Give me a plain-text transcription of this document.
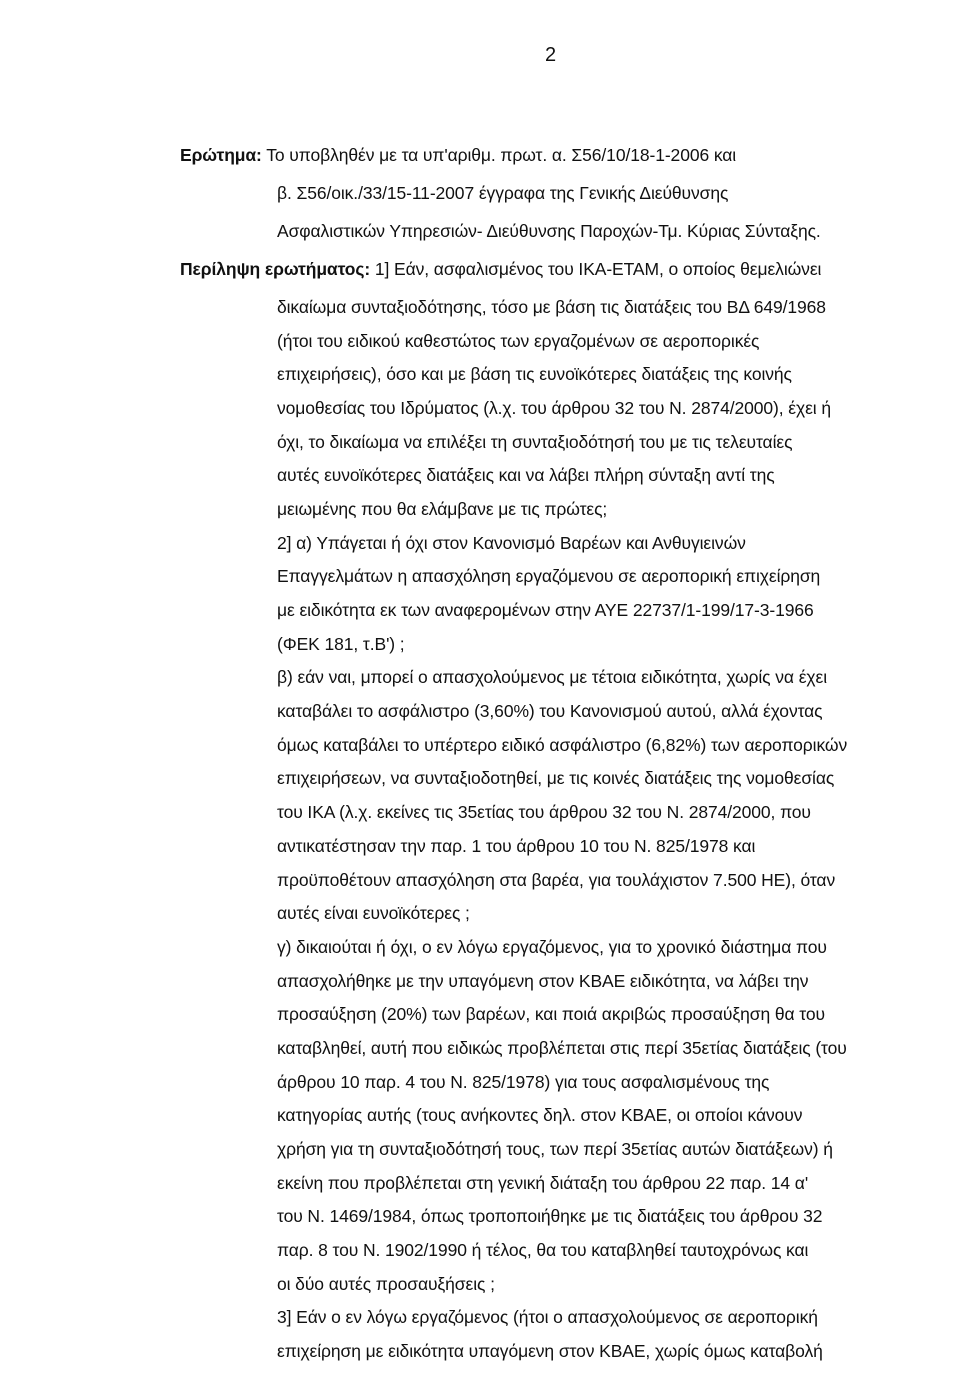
2
Ερώτημα: Το υποβληθέν με τα υπ'αριθμ. πρωτ. α. Σ56/10/18-1-2006 και
β. Σ56/οικ./33/15-11-2007 έγγραφα της Γενικής Διεύθυνσης
Ασφαλιστικών Υπηρεσιών- Διεύθυνσης Παροχών-Τμ. Κύριας Σύνταξης.
Περίληψη ερωτήματος: 1] Εάν, ασφαλισμένος του ΙΚΑ-ΕΤΑΜ, ο οποίος θεμελιώνει
δικαίωμα συνταξιοδότησης, τόσο με βάση τις διατάξεις του ΒΔ 649/1968
(ήτοι του ειδικού καθεστώτος των εργαζομένων σε αεροπορικές
επιχειρήσεις), όσο και με βάση τις ευνοϊκότερες διατάξεις της κοινής
νομοθεσίας του Ιδρύματος (λ.χ. του άρθρου 32 του Ν. 2874/2000), έχει ή
όχι, το δικαίωμα να επιλέξει τη συνταξιοδότησή του με τις τελευταίες
αυτές ευνοϊκότερες διατάξεις και να λάβει πλήρη σύνταξη αντί της
μειωμένης που θα ελάμβανε με τις πρώτες;
2] α) Υπάγεται ή όχι στον Κανονισμό Βαρέων και Ανθυγιεινών
Επαγγελμάτων η απασχόληση εργαζόμενου σε αεροπορική επιχείρηση
με ειδικότητα εκ των αναφερομένων στην ΑΥΕ 22737/1-199/17-3-1966
(ΦΕΚ 181, τ.Β') ;
β) εάν ναι, μπορεί ο απασχολούμενος με τέτοια ειδικότητα, χωρίς να έχει
καταβάλει το ασφάλιστρο (3,60%) του Κανονισμού αυτού, αλλά έχοντας
όμως καταβάλει το υπέρτερο ειδικό ασφάλιστρο (6,82%) των αεροπορικών
επιχειρήσεων, να συνταξιοδοτηθεί, με τις κοινές διατάξεις της νομοθεσίας
του ΙΚΑ (λ.χ. εκείνες τις 35ετίας του άρθρου 32 του Ν. 2874/2000, που
αντικατέστησαν την παρ. 1 του άρθρου 10 του Ν. 825/1978 και
προϋποθέτουν απασχόληση στα βαρέα, για τουλάχιστον 7.500 ΗΕ), όταν
αυτές είναι ευνοϊκότερες ;
γ) δικαιούται ή όχι, ο εν λόγω εργαζόμενος, για το χρονικό διάστημα που
απασχολήθηκε με την υπαγόμενη στον ΚΒΑΕ ειδικότητα, να λάβει την
προσαύξηση (20%) των βαρέων, και ποιά ακριβώς προσαύξηση θα του
καταβληθεί, αυτή που ειδικώς προβλέπεται στις περί 35ετίας διατάξεις (του
άρθρου 10 παρ. 4 του Ν. 825/1978) για τους ασφαλισμένους της
κατηγορίας αυτής (τους ανήκοντες δηλ. στον ΚΒΑΕ, οι οποίοι κάνουν
χρήση για τη συνταξιοδότησή τους, των περί 35ετίας αυτών διατάξεων) ή
εκείνη που προβλέπεται στη γενική διάταξη του άρθρου 22 παρ. 14 α'
του Ν. 1469/1984, όπως τροποποιήθηκε με τις διατάξεις του άρθρου 32
παρ. 8 του Ν. 1902/1990 ή τέλος, θα του καταβληθεί ταυτοχρόνως και
οι δύο αυτές προσαυξήσεις ;
3] Εάν ο εν λόγω εργαζόμενος (ήτοι ο απασχολούμενος σε αεροπορική
επιχείρηση με ειδικότητα υπαγόμενη στον ΚΒΑΕ, χωρίς όμως καταβολή
